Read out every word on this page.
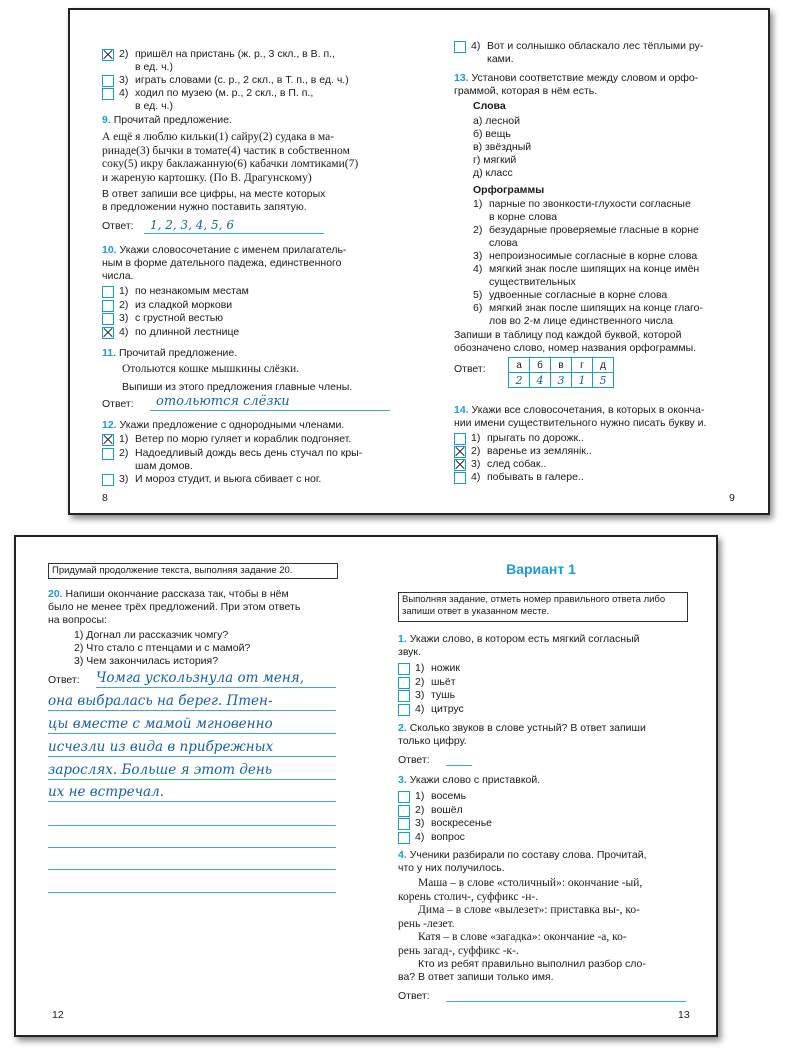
2) пришёл на пристань (ж. р., 3 скл., в В. п.,
в ед. ч.)
3) играть словами (с. р., 2 скл., в Т. п., в ед. ч.)
4) ходил по музею (м. р., 2 скл., в П. п.,
в ед. ч.)
9. Прочитай предложение.
А ещё я люблю кильки(1) сайру(2) судака в ма-
ринаде(3) бычки в томате(4) частик в собственном
соку(5) икру баклажанную(6) кабачки ломтиками(7)
и жареную картошку. (По В. Драгунскому)
В ответ запиши все цифры, на месте которых
в предложении нужно поставить запятую.
Ответ: 1, 2, 3, 4, 5, 6
10. Укажи словосочетание с именем прилагатель-
ным в форме дательного падежа, единственного
числа.
1) по незнакомым местам
2) из сладкой моркови
3) с грустной вестью
4) по длинной лестнице
11. Прочитай предложение.
Отольются кошке мышкины слёзки.
Выпиши из этого предложения главные члены.
Ответ: отольются слёзки
12. Укажи предложение с однородными членами.
1) Ветер по морю гуляет и кораблик подгоняет.
2) Надоедливый дождь весь день стучал по кры-
шам домов.
3) И мороз студит, и вьюга сбивает с ног.
8
4) Вот и солнышко обласкало лес тёплыми ру-
ками.
13. Установи соответствие между словом и орфо-
граммой, которая в нём есть.
Слова
а) лесной
б) вещь
в) звёздный
г) мягкий
д) класс
Орфограммы
1) парные по звонкости-глухости согласные
в корне слова
2) безударные проверяемые гласные в корне
слова
3) непроизносимые согласные в корне слова
4) мягкий знак после шипящих на конце имён
существительных
5) удвоенные согласные в корне слова
6) мягкий знак после шипящих на конце глаго-
лов во 2-м лице единственного числа
Запиши в таблицу под каждой буквой, которой
обозначено слово, номер названия орфограммы.
Ответ:	а	б	в	г	д
2	4	3	1	5
14. Укажи все словосочетания, в которых в оконча-
нии имени существительного нужно писать букву и.
1) прыгать по дорожк..
2) варенье из землянік..
3) след собак..
4) побывать в галере..
9
Придумай продолжение текста, выполняя задание 20.
20. Напиши окончание рассказа так, чтобы в нём
было не менее трёх предложений. При этом ответь
на вопросы:
1) Догнал ли рассказчик чомгу?
2) Что стало с птенцами и с мамой?
3) Чем закончилась история?
Ответ: Чомга ускользнула от меня,
она выбралась на берег. Птен-
цы вместе с мамой мгновенно
исчезли из вида в прибрежных
зарослях. Больше я этот день
их не встречал.
12
Вариант 1
Выполняя задание, отметь номер правильного ответа либо
запиши ответ в указанном месте.
1. Укажи слово, в котором есть мягкий согласный
звук.
1) ножик
2) шьёт
3) тушь
4) цитрус
2. Сколько звуков в слове устный? В ответ запиши
только цифру.
Ответ:
3. Укажи слово с приставкой.
1) восемь
2) вошёл
3) воскресенье
4) вопрос
4. Ученики разбирали по составу слова. Прочитай,
что у них получилось.
Маша – в слове «столичный»: окончание -ый,
корень столич-, суффикс -н-.
Дима – в слове «вылезет»: приставка вы-, ко-
рень -лезет.
Катя – в слове «загадка»: окончание -а, ко-
рень загад-, суффикс -к-.
Кто из ребят правильно выполнил разбор сло-
ва? В ответ запиши только имя.
Ответ:
13
